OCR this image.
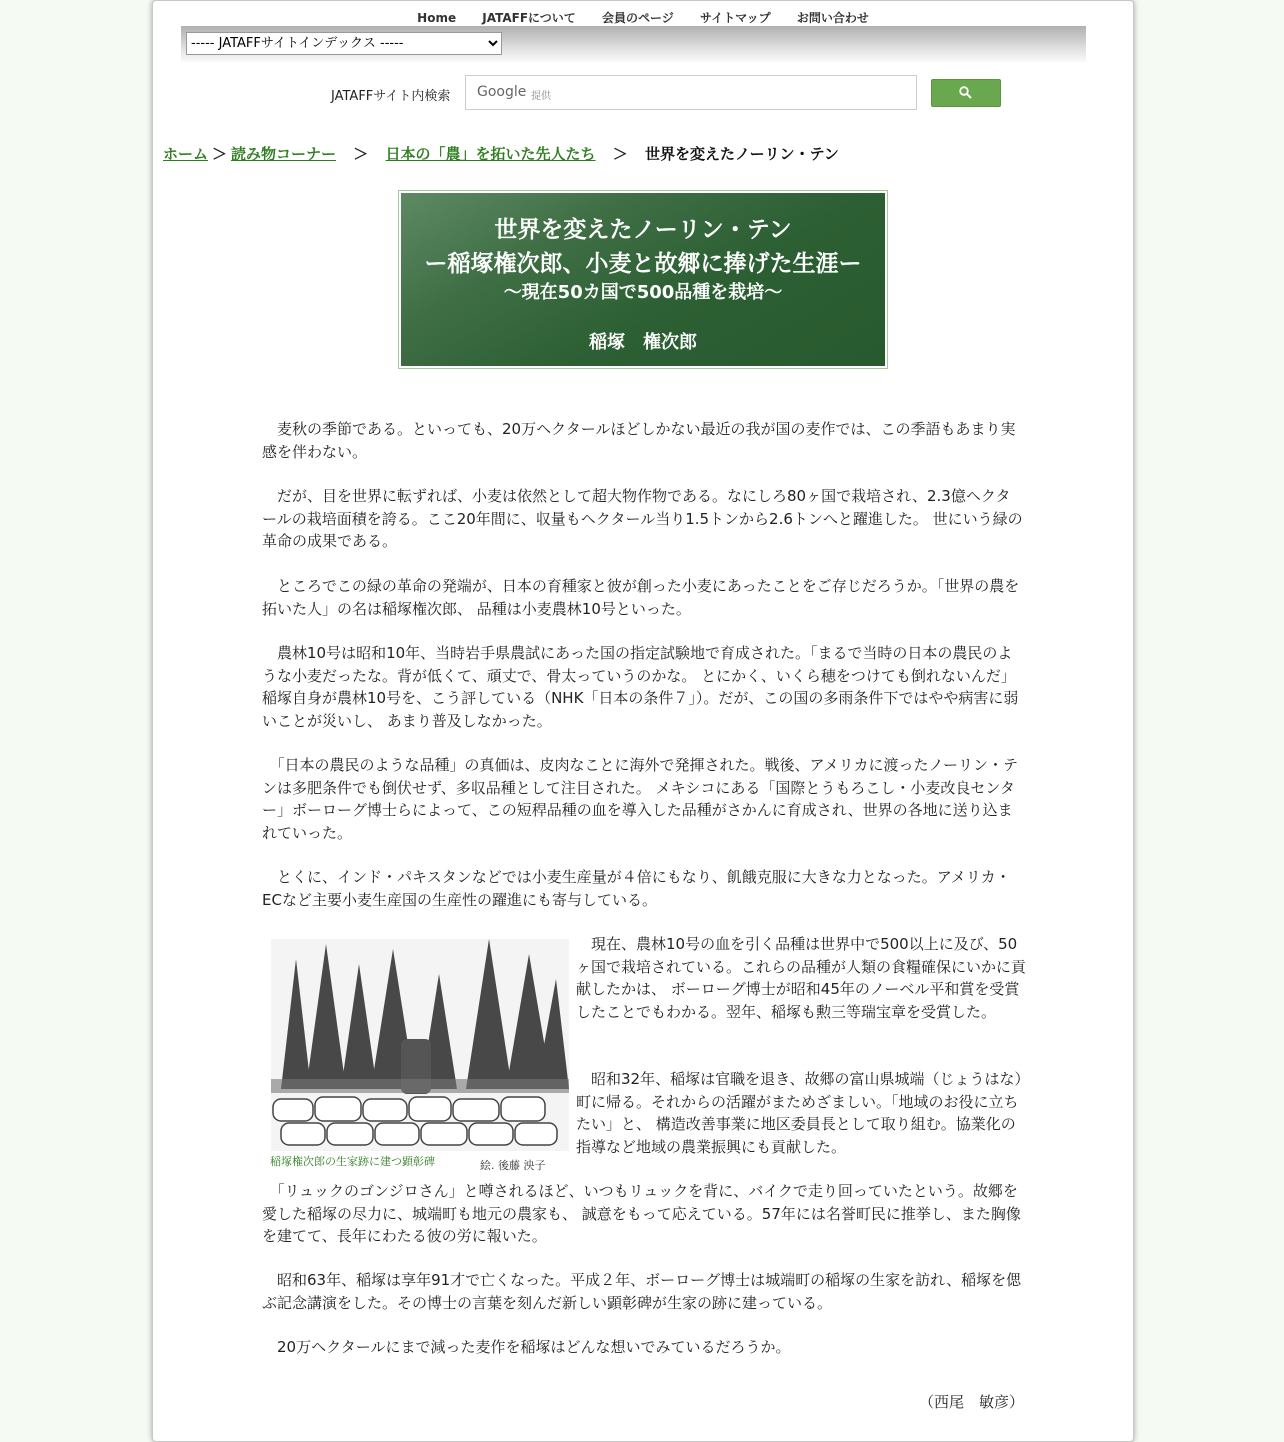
Home JATAFFについて 会員のページ サイトマップ お問い合わせ
----- JATAFFサイトインデックス -----
JATAFFサイト内検索 Google 提供
ホーム ＞ 読み物コーナー ＞ 日本の「農」を拓いた先人たち ＞ 世界を変えたノーリン・テン
世界を変えたノーリン・テン
ー稲塚権次郎、小麦と故郷に捧げた生涯ー
〜現在50カ国で500品種を栽培〜
稲塚　権次郎

　麦秋の季節である。といっても、20万ヘクタールほどしかない最近の我が国の麦作では、この季語もあまり実感を伴わない。

　だが、目を世界に転ずれば、小麦は依然として超大物作物である。なにしろ80ヶ国で栽培され、2.3億ヘクタールの栽培面積を誇る。ここ20年間に、収量もヘクタール当り1.5トンから2.6トンへと躍進した。 世にいう緑の革命の成果である。

　ところでこの緑の革命の発端が、日本の育種家と彼が創った小麦にあったことをご存じだろうか。「世界の農を拓いた人」の名は稲塚権次郎、 品種は小麦農林10号といった。

　農林10号は昭和10年、当時岩手県農試にあった国の指定試験地で育成された。「まるで当時の日本の農民のような小麦だったな。背が低くて、頑丈で、骨太っていうのかな。 とにかく、いくら穂をつけても倒れないんだ」稲塚自身が農林10号を、こう評している（NHK「日本の条件７」）。だが、この国の多雨条件下ではやや病害に弱いことが災いし、 あまり普及しなかった。

　「日本の農民のような品種」の真価は、皮肉なことに海外で発揮された。戦後、アメリカに渡ったノーリン・テンは多肥条件でも倒伏せず、多収品種として注目された。 メキシコにある「国際とうもろこし・小麦改良センター」ボーローグ博士らによって、この短稈品種の血を導入した品種がさかんに育成され、世界の各地に送り込まれていった。

　とくに、インド・パキスタンなどでは小麦生産量が４倍にもなり、飢餓克服に大きな力となった。アメリカ・ECなど主要小麦生産国の生産性の躍進にも寄与している。

稲塚権次郎の生家跡に建つ顕彰碑	絵. 後藤 泱子

　現在、農林10号の血を引く品種は世界中で500以上に及び、50ヶ国で栽培されている。これらの品種が人類の食糧確保にいかに貢献したかは、 ボーローグ博士が昭和45年のノーベル平和賞を受賞したことでもわかる。翌年、稲塚も勲三等瑞宝章を受賞した。

　昭和32年、稲塚は官職を退き、故郷の富山県城端（じょうはな）町に帰る。それからの活躍がまためざましい。「地域のお役に立ちたい」と、 構造改善事業に地区委員長として取り組む。協業化の指導など地域の農業振興にも貢献した。

　「リュックのゴンジロさん」と噂されるほど、いつもリュックを背に、バイクで走り回っていたという。故郷を愛した稲塚の尽力に、城端町も地元の農家も、 誠意をもって応えている。57年には名誉町民に推挙し、また胸像を建てて、長年にわたる彼の労に報いた。

　昭和63年、稲塚は享年91才で亡くなった。平成２年、ボーローグ博士は城端町の稲塚の生家を訪れ、稲塚を偲ぶ記念講演をした。その博士の言葉を刻んだ新しい顕彰碑が生家の跡に建っている。

　20万ヘクタールにまで減った麦作を稲塚はどんな想いでみているだろうか。

（西尾　敏彦）
